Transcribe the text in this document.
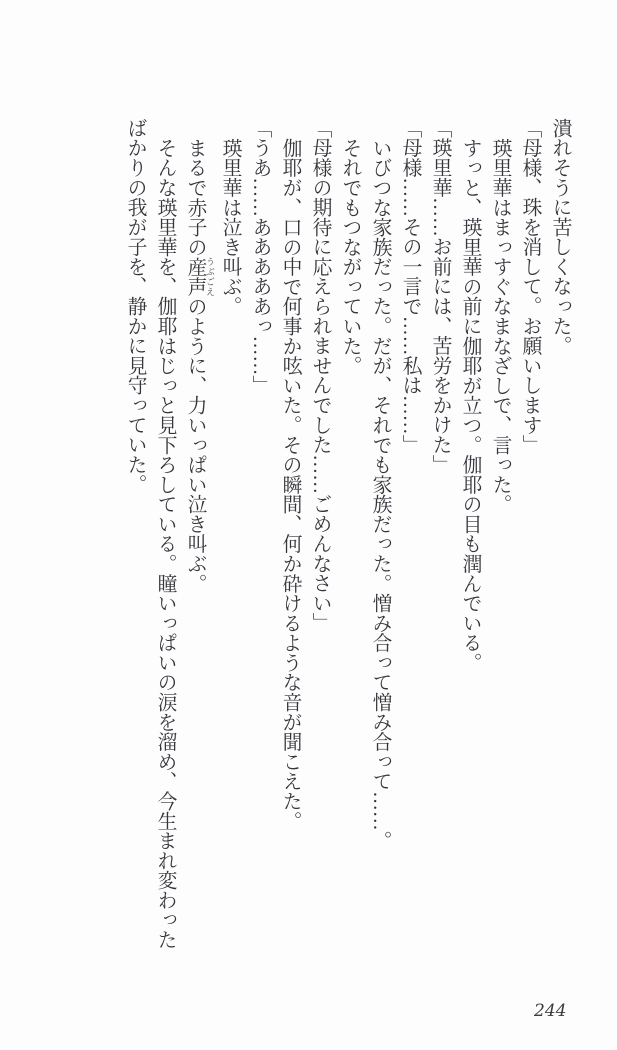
潰れそうに苦しくなった。

「母様、珠を消して。お願いします」

瑛里華はまっすぐなまなざしで、言った。

すっと、瑛里華の前に伽耶が立つ。伽耶の目も潤んでいる。

「瑛里華……お前には、苦労をかけた」

「母様……その一言で……私は……」

いびつな家族だった。だが、それでも家族だった。憎み合って憎み合って……。

それでもつながっていた。

「母様の期待に応えられませんでした……ごめんなさい」

伽耶が、口の中で何事か呟いた。その瞬間、何か砕けるような音が聞こえた。

「うあ……あああああっ……」

瑛里華は泣き叫ぶ。

まるで赤子の産声 うぶごえのように、力いっぱい泣き叫ぶ。

そんな瑛里華を、伽耶はじっと見下ろしている。瞳いっぱいの涙を溜め、今生まれ変わった

ばかりの我が子を、静かに見守っていた。

244
